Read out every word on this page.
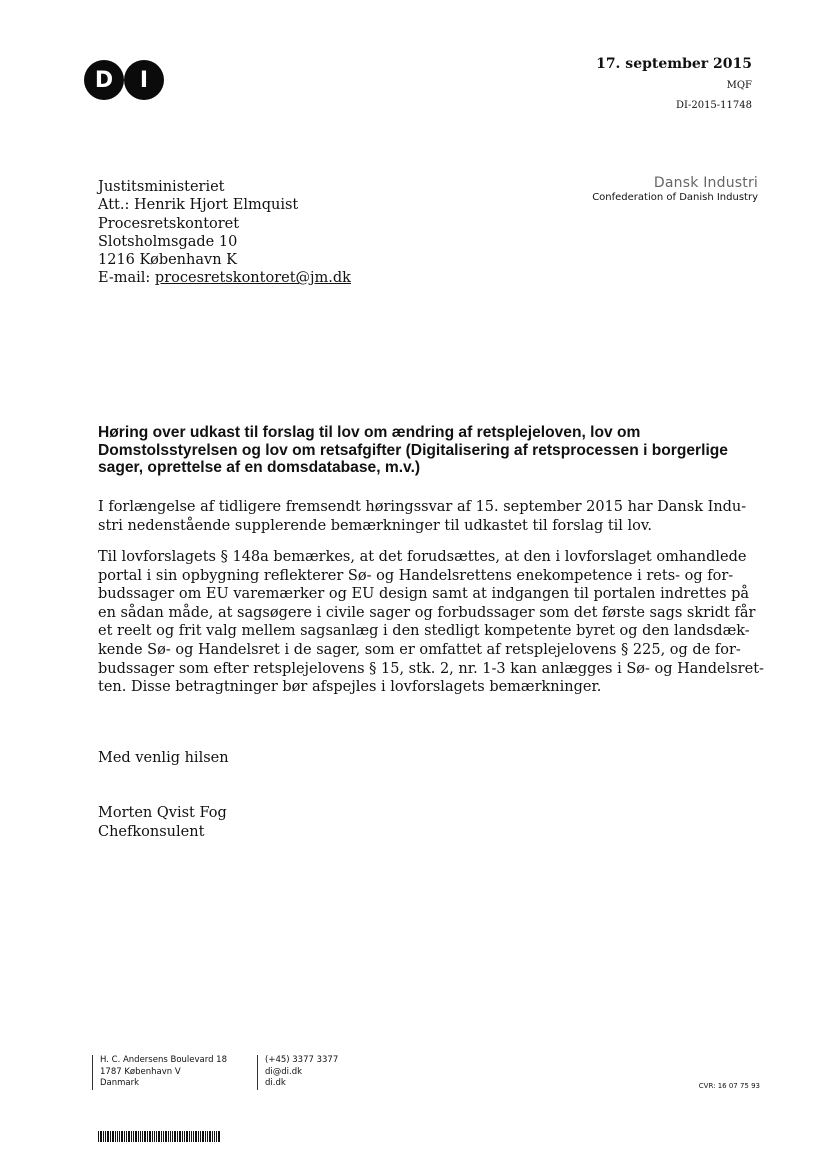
D	I
17. september 2015
MQF
DI-2015-11748
Dansk Industri
Confederation of Danish Industry
Justitsministeriet
Att.: Henrik Hjort Elmquist
Procesretskontoret
Slotsholmsgade 10
1216 København K
E-mail: procesretskontoret@jm.dk
Høring over udkast til forslag til lov om ændring af retsplejeloven, lov om Domstolsstyrelsen og lov om retsafgifter (Digitalisering af retsprocessen i borgerlige sager, oprettelse af en domsdatabase, m.v.)
I forlængelse af tidligere fremsendt høringssvar af 15. september 2015 har Dansk Indu-
stri nedenstående supplerende bemærkninger til udkastet til forslag til lov.
Til lovforslagets § 148a bemærkes, at det forudsættes, at den i lovforslaget omhandlede
portal i sin opbygning reflekterer Sø- og Handelsrettens enekompetence i rets- og for-
budssager om EU varemærker og EU design samt at indgangen til portalen indrettes på
en sådan måde, at sagsøgere i civile sager og forbudssager som det første sags skridt får
et reelt og frit valg mellem sagsanlæg i den stedligt kompetente byret og den landsdæk-
kende Sø- og Handelsret i de sager, som er omfattet af retsplejelovens § 225, og de for-
budssager som efter retsplejelovens § 15, stk. 2, nr. 1-3 kan anlægges i Sø- og Handelsret-
ten. Disse betragtninger bør afspejles i lovforslagets bemærkninger.
Med venlig hilsen
Morten Qvist Fog
Chefkonsulent
H. C. Andersens Boulevard 18
1787 København V
Danmark
(+45) 3377 3377
di@di.dk
di.dk	CVR: 16 07 75 93
